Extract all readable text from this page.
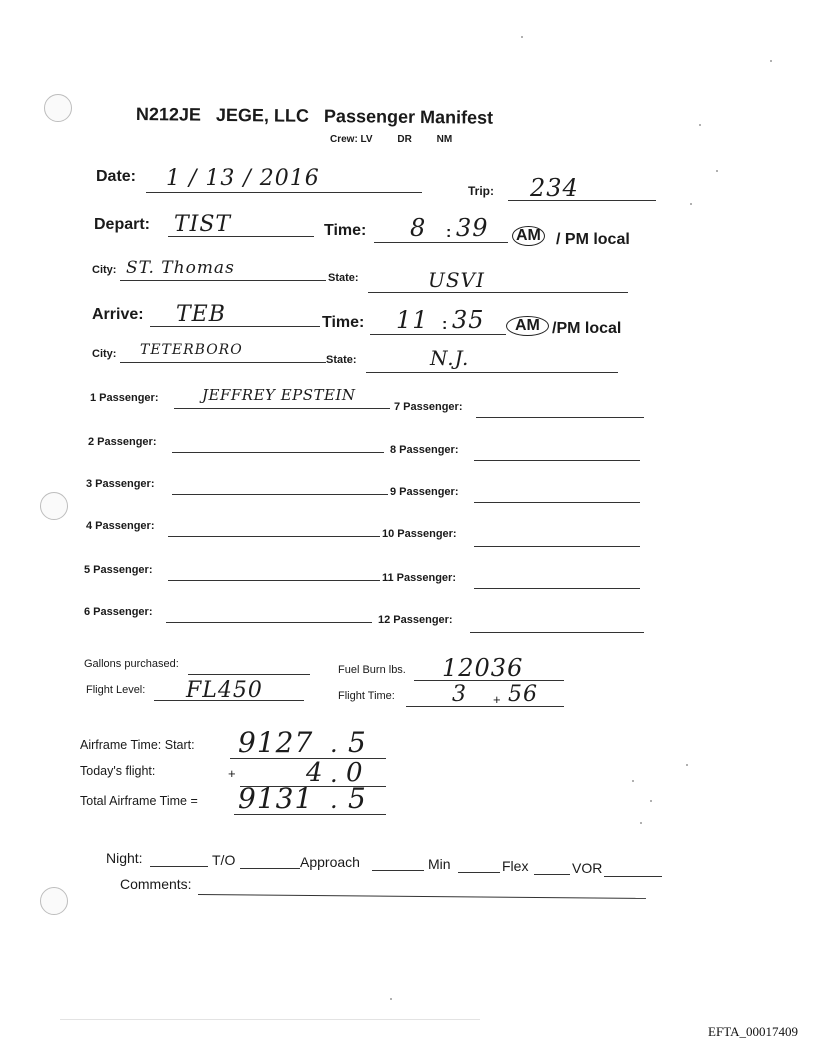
N212JE JEGE, LLC Passenger Manifest
Crew: LV DR NM
Date: 1 / 13 / 2016	Trip: 234
Depart: TIST	Time: 8 : 39 AM / PM local
City: ST. Thomas	State:	USVI
Arrive: TEB	Time: 11 : 35	AM /PM local
City: TETERBORO
State:	N.J.
1 Passenger:	JEFFREY EPSTEIN
2 Passenger:
3 Passenger:
4 Passenger:
5 Passenger:
6 Passenger:
7 Passenger:
8 Passenger:
9 Passenger:
10 Passenger:
11 Passenger:
12 Passenger:
Gallons purchased:	Fuel Burn lbs. 12036
Flight Level: FL450	Flight Time:	3 + 56
Airframe Time: Start: 9127 . 5
Today's flight:	+	4 . 0
Total Airframe Time = 9131 . 5
Night:	T/O	Approach	Min	Flex	VOR
Comments:
EFTA_00017409
